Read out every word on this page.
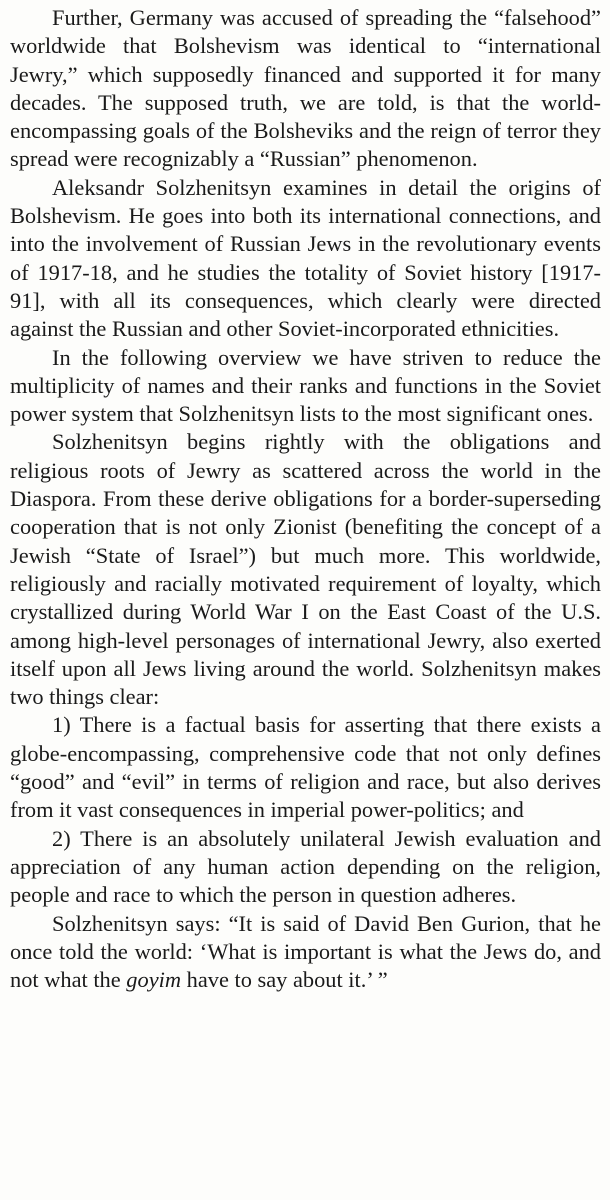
Further, Germany was accused of spreading the “falsehood” worldwide that Bolshevism was identical to “international Jewry,” which supposedly financed and supported it for many decades. The supposed truth, we are told, is that the world-encompassing goals of the Bolsheviks and the reign of terror they spread were recognizably a “Russian” phenomenon.

Aleksandr Solzhenitsyn examines in detail the origins of Bolshevism. He goes into both its international connections, and into the involvement of Russian Jews in the revolutionary events of 1917-18, and he studies the totality of Soviet history [1917-91], with all its consequences, which clearly were directed against the Russian and other Soviet-incorporated ethnicities.

In the following overview we have striven to reduce the multiplicity of names and their ranks and functions in the Soviet power system that Solzhenitsyn lists to the most significant ones.

Solzhenitsyn begins rightly with the obligations and religious roots of Jewry as scattered across the world in the Diaspora. From these derive obligations for a border-superseding cooperation that is not only Zionist (benefiting the concept of a Jewish “State of Israel”) but much more. This worldwide, religiously and racially motivated requirement of loyalty, which crystallized during World War I on the East Coast of the U.S. among high-level personages of international Jewry, also exerted itself upon all Jews living around the world. Solzhenitsyn makes two things clear:

1) There is a factual basis for asserting that there exists a globe-encompassing, comprehensive code that not only defines “good” and “evil” in terms of religion and race, but also derives from it vast consequences in imperial power-politics; and

2) There is an absolutely unilateral Jewish evaluation and appreciation of any human action depending on the religion, people and race to which the person in question adheres.

Solzhenitsyn says: “It is said of David Ben Gurion, that he once told the world: ‘What is important is what the Jews do, and not what the goyim have to say about it.’ ”
